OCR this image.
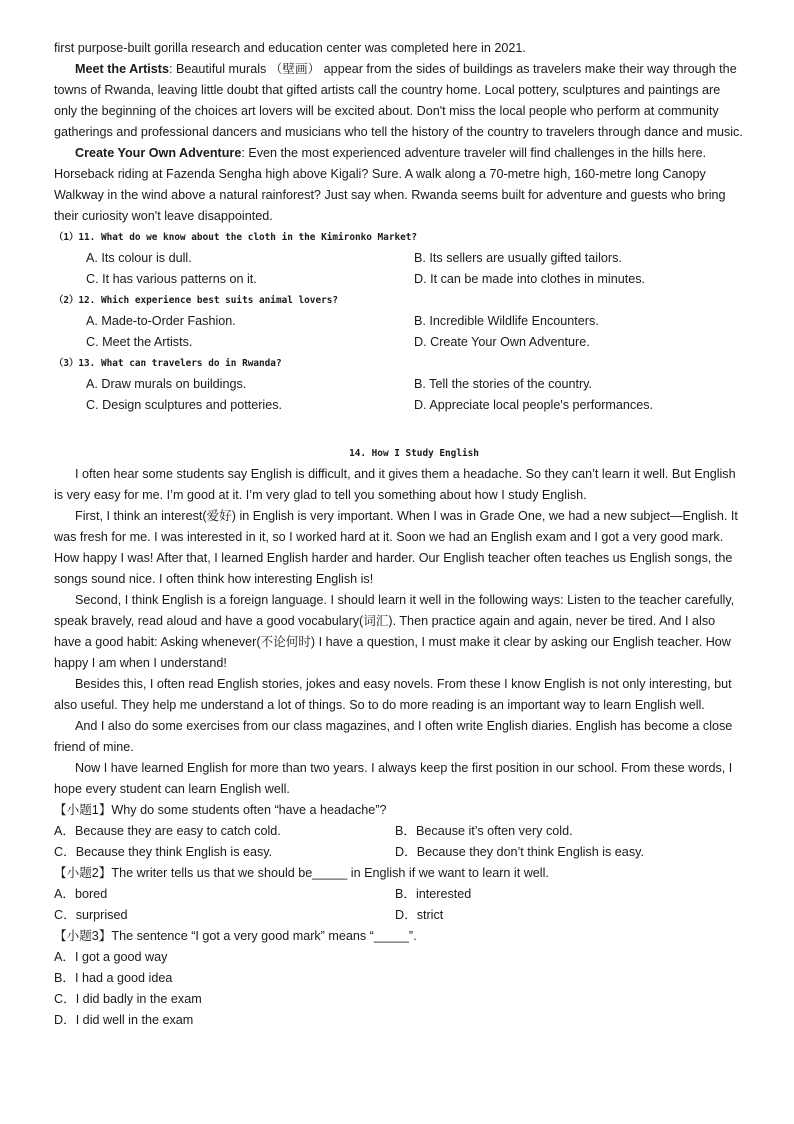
first purpose-built gorilla research and education center was completed here in 2021.

Meet the Artists: Beautiful murals （壁画） appear from the sides of buildings as travelers make their way through the towns of Rwanda, leaving little doubt that gifted artists call the country home. Local pottery, sculptures and paintings are only the beginning of the choices art lovers will be excited about. Don't miss the local people who perform at community gatherings and professional dancers and musicians who tell the history of the country to travelers through dance and music.

Create Your Own Adventure: Even the most experienced adventure traveler will find challenges in the hills here. Horseback riding at Fazenda Sengha high above Kigali? Sure. A walk along a 70-metre high, 160-metre long Canopy Walkway in the wind above a natural rainforest? Just say when. Rwanda seems built for adventure and guests who bring their curiosity won't leave disappointed.

（1）11. What do we know about the cloth in the Kimironko Market?

A. Its colour is dull.	B. Its sellers are usually gifted tailors.
C. It has various patterns on it.	D. It can be made into clothes in minutes.

（2）12. Which experience best suits animal lovers?

A. Made-to-Order Fashion.	B. Incredible Wildlife Encounters.
C. Meet the Artists.	D. Create Your Own Adventure.

（3）13. What can travelers do in Rwanda?

A. Draw murals on buildings.	B. Tell the stories of the country.
C. Design sculptures and potteries.	D. Appreciate local people's performances.

14. How I Study English

I often hear some students say English is difficult, and it gives them a headache. So they can’t learn it well. But English is very easy for me. I’m good at it. I’m very glad to tell you something about how I study English.

First, I think an interest(爱好) in English is very important. When I was in Grade One, we had a new subject—English. It was fresh for me. I was interested in it, so I worked hard at it. Soon we had an English exam and I got a very good mark. How happy I was! After that, I learned English harder and harder. Our English teacher often teaches us English songs, the songs sound nice. I often think how interesting English is!

Second, I think English is a foreign language. I should learn it well in the following ways: Listen to the teacher carefully, speak bravely, read aloud and have a good vocabulary(词汇). Then practice again and again, never be tired. And I also have a good habit: Asking whenever(不论何时) I have a question, I must make it clear by asking our English teacher. How happy I am when I understand!

Besides this, I often read English stories, jokes and easy novels. From these I know English is not only interesting, but also useful. They help me understand a lot of things. So to do more reading is an important way to learn English well.

And I also do some exercises from our class magazines, and I often write English diaries. English has become a close friend of mine.

Now I have learned English for more than two years. I always keep the first position in our school. From these words, I hope every student can learn English well.

【小题1】Why do some students often “have a headache”?

A．Because they are easy to catch cold.	B．Because it’s often very cold.
C．Because they think English is easy.	D．Because they don’t think English is easy.

【小题2】The writer tells us that we should be_____ in English if we want to learn it well.

A．bored	B．interested
C．surprised	D．strict

【小题3】The sentence “I got a very good mark” means “_____”.

A．I got a good way

B．I had a good idea

C．I did badly in the exam

D．I did well in the exam
